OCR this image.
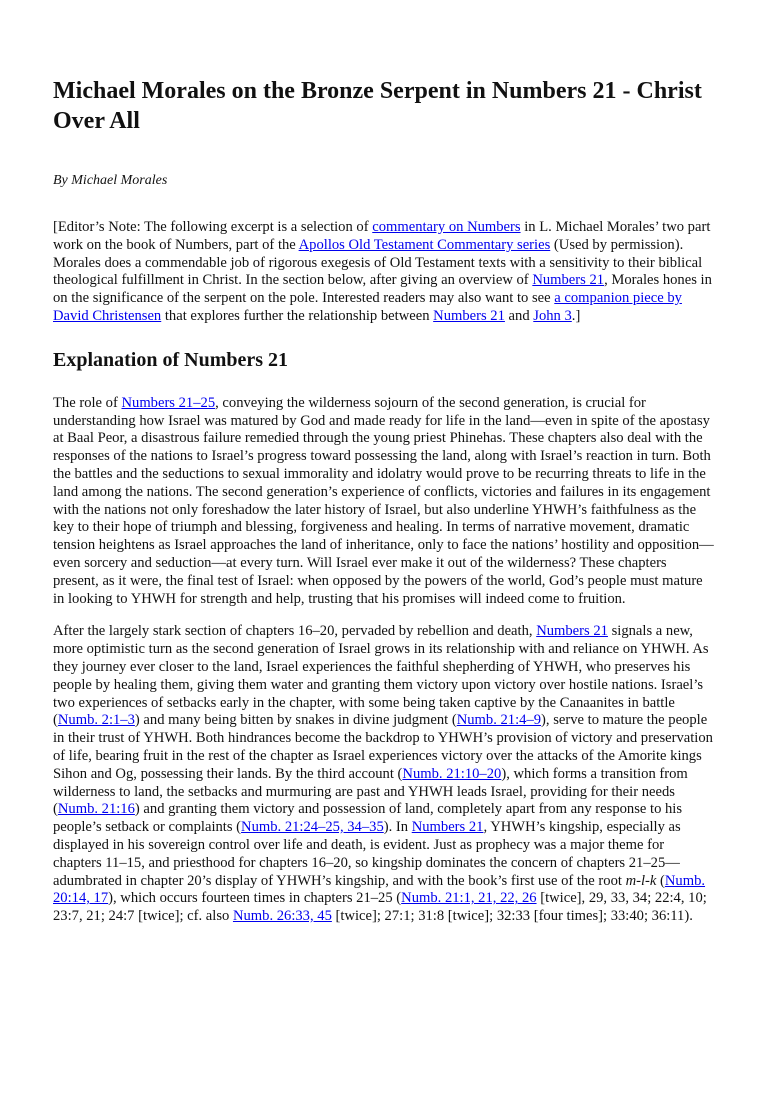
Michael Morales on the Bronze Serpent in Numbers 21 - Christ Over All
By Michael Morales

[Editor’s Note: The following excerpt is a selection of commentary on Numbers in L. Michael Morales’ two part work on the book of Numbers, part of the Apollos Old Testament Commentary series (Used by permission). Morales does a commendable job of rigorous exegesis of Old Testament texts with a sensitivity to their biblical theological fulfillment in Christ. In the section below, after giving an overview of Numbers 21, Morales hones in on the significance of the serpent on the pole. Interested readers may also want to see a companion piece by David Christensen that explores further the relationship between Numbers 21 and John 3.]

Explanation of Numbers 21

The role of Numbers 21–25, conveying the wilderness sojourn of the second generation, is crucial for understanding how Israel was matured by God and made ready for life in the land—even in spite of the apostasy at Baal Peor, a disastrous failure remedied through the young priest Phinehas. These chapters also deal with the responses of the nations to Israel’s progress toward possessing the land, along with Israel’s reaction in turn. Both the battles and the seductions to sexual immorality and idolatry would prove to be recurring threats to life in the land among the nations. The second generation’s experience of conflicts, victories and failures in its engagement with the nations not only foreshadow the later history of Israel, but also underline YHWH’s faithfulness as the key to their hope of triumph and blessing, forgiveness and healing. In terms of narrative movement, dramatic tension heightens as Israel approaches the land of inheritance, only to face the nations’ hostility and opposition—even sorcery and seduction—at every turn. Will Israel ever make it out of the wilderness? These chapters present, as it were, the final test of Israel: when opposed by the powers of the world, God’s people must mature in looking to YHWH for strength and help, trusting that his promises will indeed come to fruition.

After the largely stark section of chapters 16–20, pervaded by rebellion and death, Numbers 21 signals a new, more optimistic turn as the second generation of Israel grows in its relationship with and reliance on YHWH. As they journey ever closer to the land, Israel experiences the faithful shepherding of YHWH, who preserves his people by healing them, giving them water and granting them victory upon victory over hostile nations. Israel’s two experiences of setbacks early in the chapter, with some being taken captive by the Canaanites in battle (Numb. 2:1–3) and many being bitten by snakes in divine judgment (Numb. 21:4–9), serve to mature the people in their trust of YHWH. Both hindrances become the backdrop to YHWH’s provision of victory and preservation of life, bearing fruit in the rest of the chapter as Israel experiences victory over the attacks of the Amorite kings Sihon and Og, possessing their lands. By the third account (Numb. 21:10–20), which forms a transition from wilderness to land, the setbacks and murmuring are past and YHWH leads Israel, providing for their needs (Numb. 21:16) and granting them victory and possession of land, completely apart from any response to his people’s setback or complaints (Numb. 21:24–25, 34–35). In Numbers 21, YHWH’s kingship, especially as displayed in his sovereign control over life and death, is evident. Just as prophecy was a major theme for chapters 11–15, and priesthood for chapters 16–20, so kingship dominates the concern of chapters 21–25—adumbrated in chapter 20’s display of YHWH’s kingship, and with the book’s first use of the root m-l-k (Numb. 20:14, 17), which occurs fourteen times in chapters 21–25 (Numb. 21:1, 21, 22, 26 [twice], 29, 33, 34; 22:4, 10; 23:7, 21; 24:7 [twice]; cf. also Numb. 26:33, 45 [twice]; 27:1; 31:8 [twice]; 32:33 [four times]; 33:40; 36:11).
